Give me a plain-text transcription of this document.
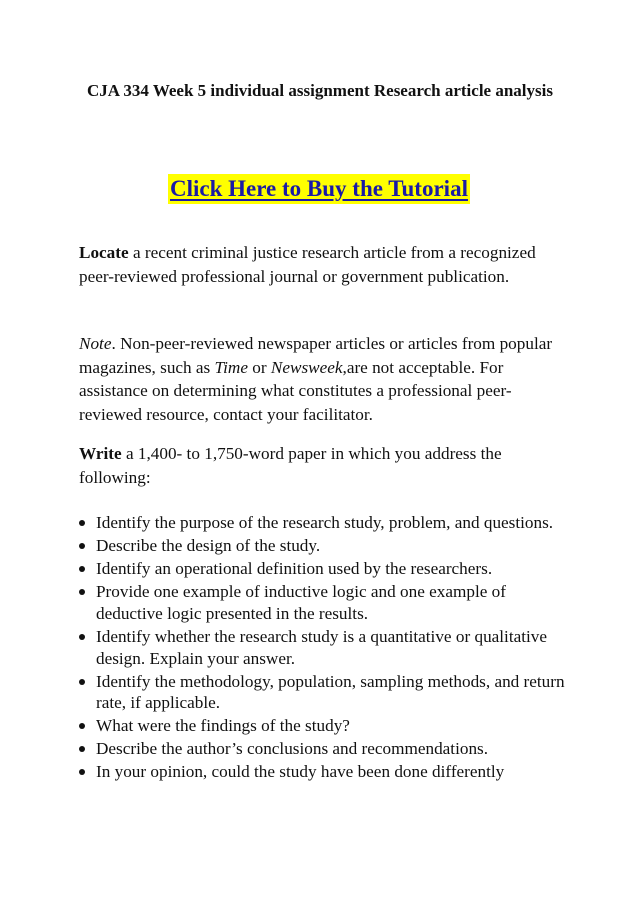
CJA 334 Week 5 individual assignment Research article analysis
Click Here to Buy the Tutorial

Locate a recent criminal justice research article from a recognized peer-reviewed professional journal or government publication.

Note. Non-peer-reviewed newspaper articles or articles from popular magazines, such as Time or Newsweek,are not acceptable. For assistance on determining what constitutes a professional peer-reviewed resource, contact your facilitator.

Write a 1,400- to 1,750-word paper in which you address the following:

Identify the purpose of the research study, problem, and questions.
Describe the design of the study.
Identify an operational definition used by the researchers.
Provide one example of inductive logic and one example of deductive logic presented in the results.
Identify whether the research study is a quantitative or qualitative design. Explain your answer.
Identify the methodology, population, sampling methods, and return rate, if applicable.
What were the findings of the study?
Describe the author’s conclusions and recommendations.
In your opinion, could the study have been done differently
